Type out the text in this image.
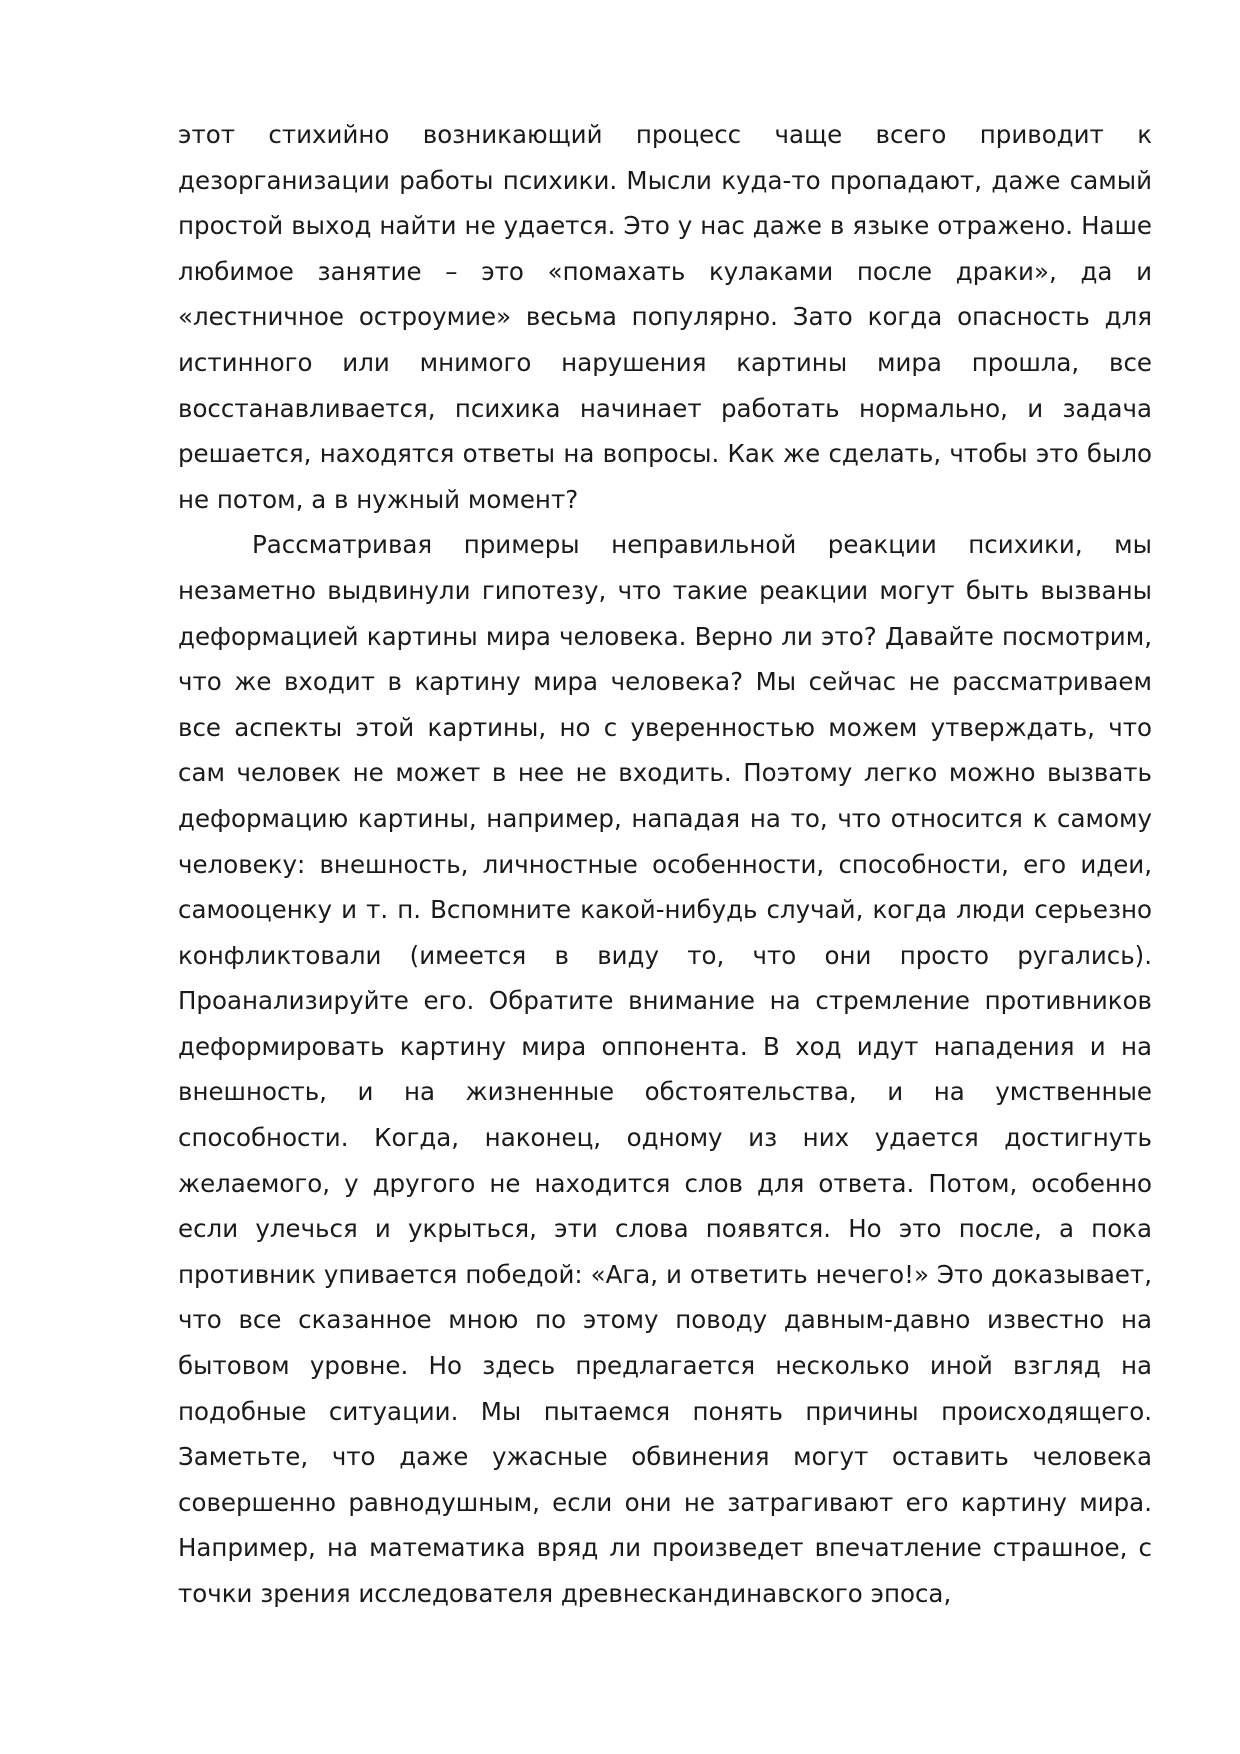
этот стихийно возникающий процесс чаще всего приводит к дезорганизации работы психики. Мысли куда-то пропадают, даже самый простой выход найти не удается. Это у нас даже в языке отражено. Наше любимое занятие – это «помахать кулаками после драки», да и «лестничное остроумие» весьма популярно. Зато когда опасность для истинного или мнимого нарушения картины мира прошла, все восстанавливается, психика начинает работать нормально, и задача решается, находятся ответы на вопросы. Как же сделать, чтобы это было не потом, а в нужный момент?

Рассматривая примеры неправильной реакции психики, мы незаметно выдвинули гипотезу, что такие реакции могут быть вызваны деформацией картины мира человека. Верно ли это? Давайте посмотрим, что же входит в картину мира человека? Мы сейчас не рассматриваем все аспекты этой картины, но с уверенностью можем утверждать, что сам человек не может в нее не входить. Поэтому легко можно вызвать деформацию картины, например, нападая на то, что относится к самому человеку: внешность, личностные особенности, способности, его идеи, самооценку и т. п. Вспомните какой-нибудь случай, когда люди серьезно конфликтовали (имеется в виду то, что они просто ругались). Проанализируйте его. Обратите внимание на стремление противников деформировать картину мира оппонента. В ход идут нападения и на внешность, и на жизненные обстоятельства, и на умственные способности. Когда, наконец, одному из них удается достигнуть желаемого, у другого не находится слов для ответа. Потом, особенно если улечься и укрыться, эти слова появятся. Но это после, а пока противник упивается победой: «Ага, и ответить нечего!» Это доказывает, что все сказанное мною по этому поводу давным-давно известно на бытовом уровне. Но здесь предлагается несколько иной взгляд на подобные ситуации. Мы пытаемся понять причины происходящего. Заметьте, что даже ужасные обвинения могут оставить человека совершенно равнодушным, если они не затрагивают его картину мира. Например, на математика вряд ли произведет впечатление страшное, с точки зрения исследователя древнескандинавского эпоса,
